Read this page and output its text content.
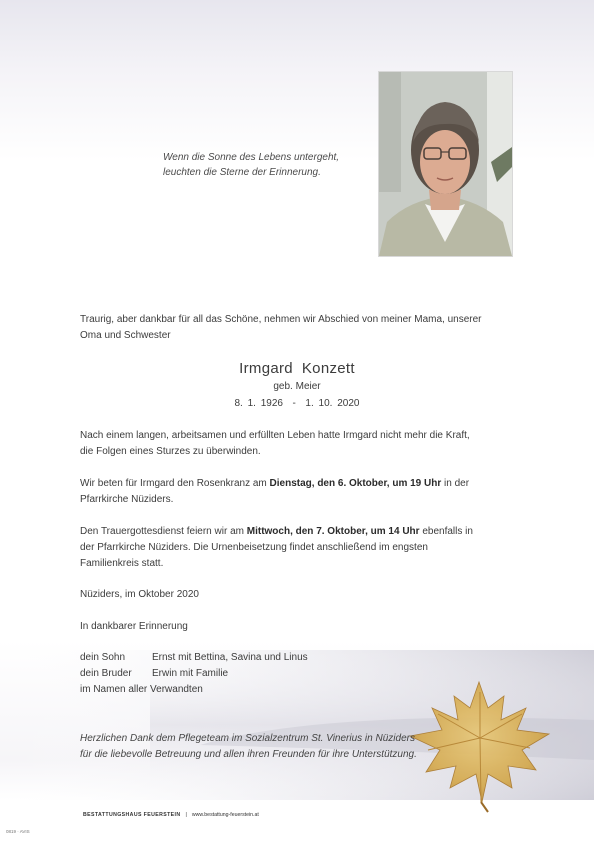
Wenn die Sonne des Lebens untergeht,
leuchten die Sterne der Erinnerung.
Traurig, aber dankbar für all das Schöne, nehmen wir Abschied von meiner Mama, unserer
Oma und Schwester
Irmgard  Konzett
geb. Meier
8. 1. 1926  -  1. 10. 2020
Nach einem langen, arbeitsamen und erfüllten Leben hatte Irmgard nicht mehr die Kraft,
die Folgen eines Sturzes zu überwinden.
Wir beten für Irmgard den Rosenkranz am Dienstag, den 6. Oktober, um 19 Uhr in der
Pfarrkirche Nüziders.
Den Trauergottesdienst feiern wir am Mittwoch, den 7. Oktober, um 14 Uhr ebenfalls in
der Pfarrkirche Nüziders. Die Urnenbeisetzung findet anschließend im engsten
Familienkreis statt.
Nüziders, im Oktober 2020
In dankbarer Erinnerung
dein Sohn	Ernst mit Bettina, Savina und Linus
dein Bruder Erwin mit Familie
im Namen aller Verwandten
Herzlichen Dank dem Pflegeteam im Sozialzentrum St. Vinerius in Nüziders
für die liebevolle Betreuung und allen ihren Freunden für ihre Unterstützung.
BESTATTUNGSHAUS FEUERSTEIN | www.bestattung-feuerstein.at
0819 · AVIS
